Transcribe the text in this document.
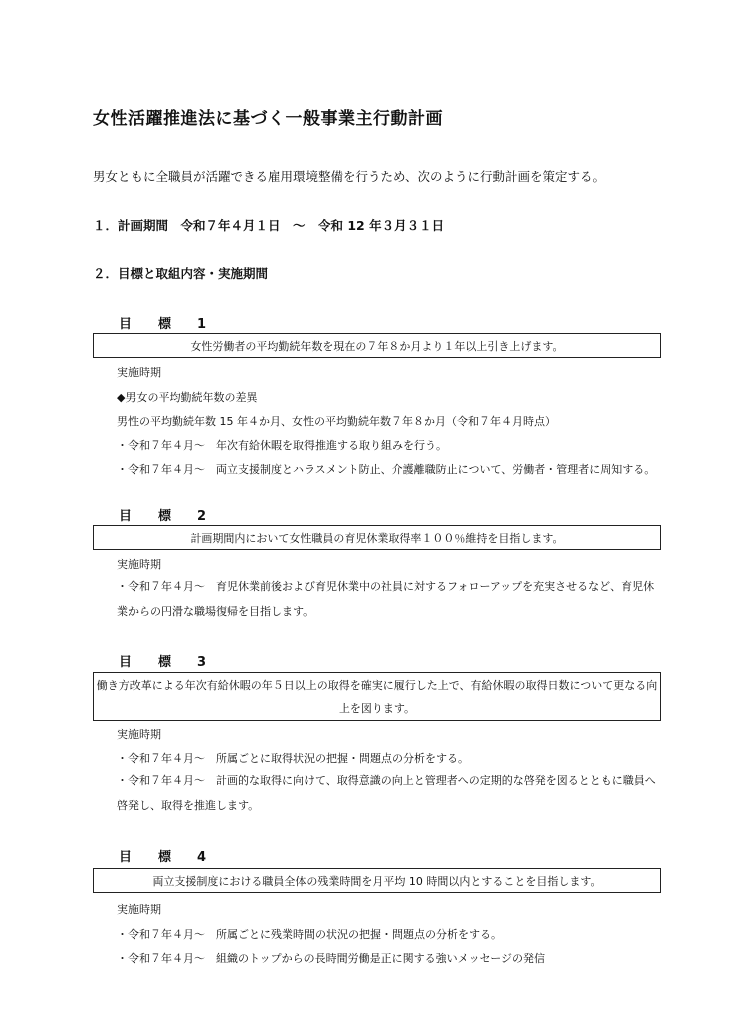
女性活躍推進法に基づく一般事業主行動計画
男女ともに全職員が活躍できる雇用環境整備を行うため、次のように行動計画を策定する。
１．計画期間　令和７年４月１日　～　令和 12 年３月３１日
２．目標と取組内容・実施期間
目 標 1
女性労働者の平均勤続年数を現在の７年８か月より１年以上引き上げます。
実施時期
◆男女の平均勤続年数の差異
男性の平均勤続年数 15 年４か月、女性の平均勤続年数７年８か月（令和７年４月時点）
・令和７年４月～　年次有給休暇を取得推進する取り組みを行う。
・令和７年４月～　両立支援制度とハラスメント防止、介護離職防止について、労働者・管理者に周知する。
目 標 2
計画期間内において女性職員の育児休業取得率１００％維持を目指します。
実施時期
・令和７年４月～　育児休業前後および育児休業中の社員に対するフォローアップを充実させるなど、育児休業からの円滑な職場復帰を目指します。
目 標 3
働き方改革による年次有給休暇の年５日以上の取得を確実に履行した上で、有給休暇の取得日数について更なる向
上を図ります。
実施時期
・令和７年４月～　所属ごとに取得状況の把握・問題点の分析をする。
・令和７年４月～　計画的な取得に向けて、取得意識の向上と管理者への定期的な啓発を図るとともに職員へ啓発し、取得を推進します。
目 標 4
両立支援制度における職員全体の残業時間を月平均 10 時間以内とすることを目指します。
実施時期
・令和７年４月～　所属ごとに残業時間の状況の把握・問題点の分析をする。
・令和７年４月～　組織のトップからの長時間労働是正に関する強いメッセージの発信
